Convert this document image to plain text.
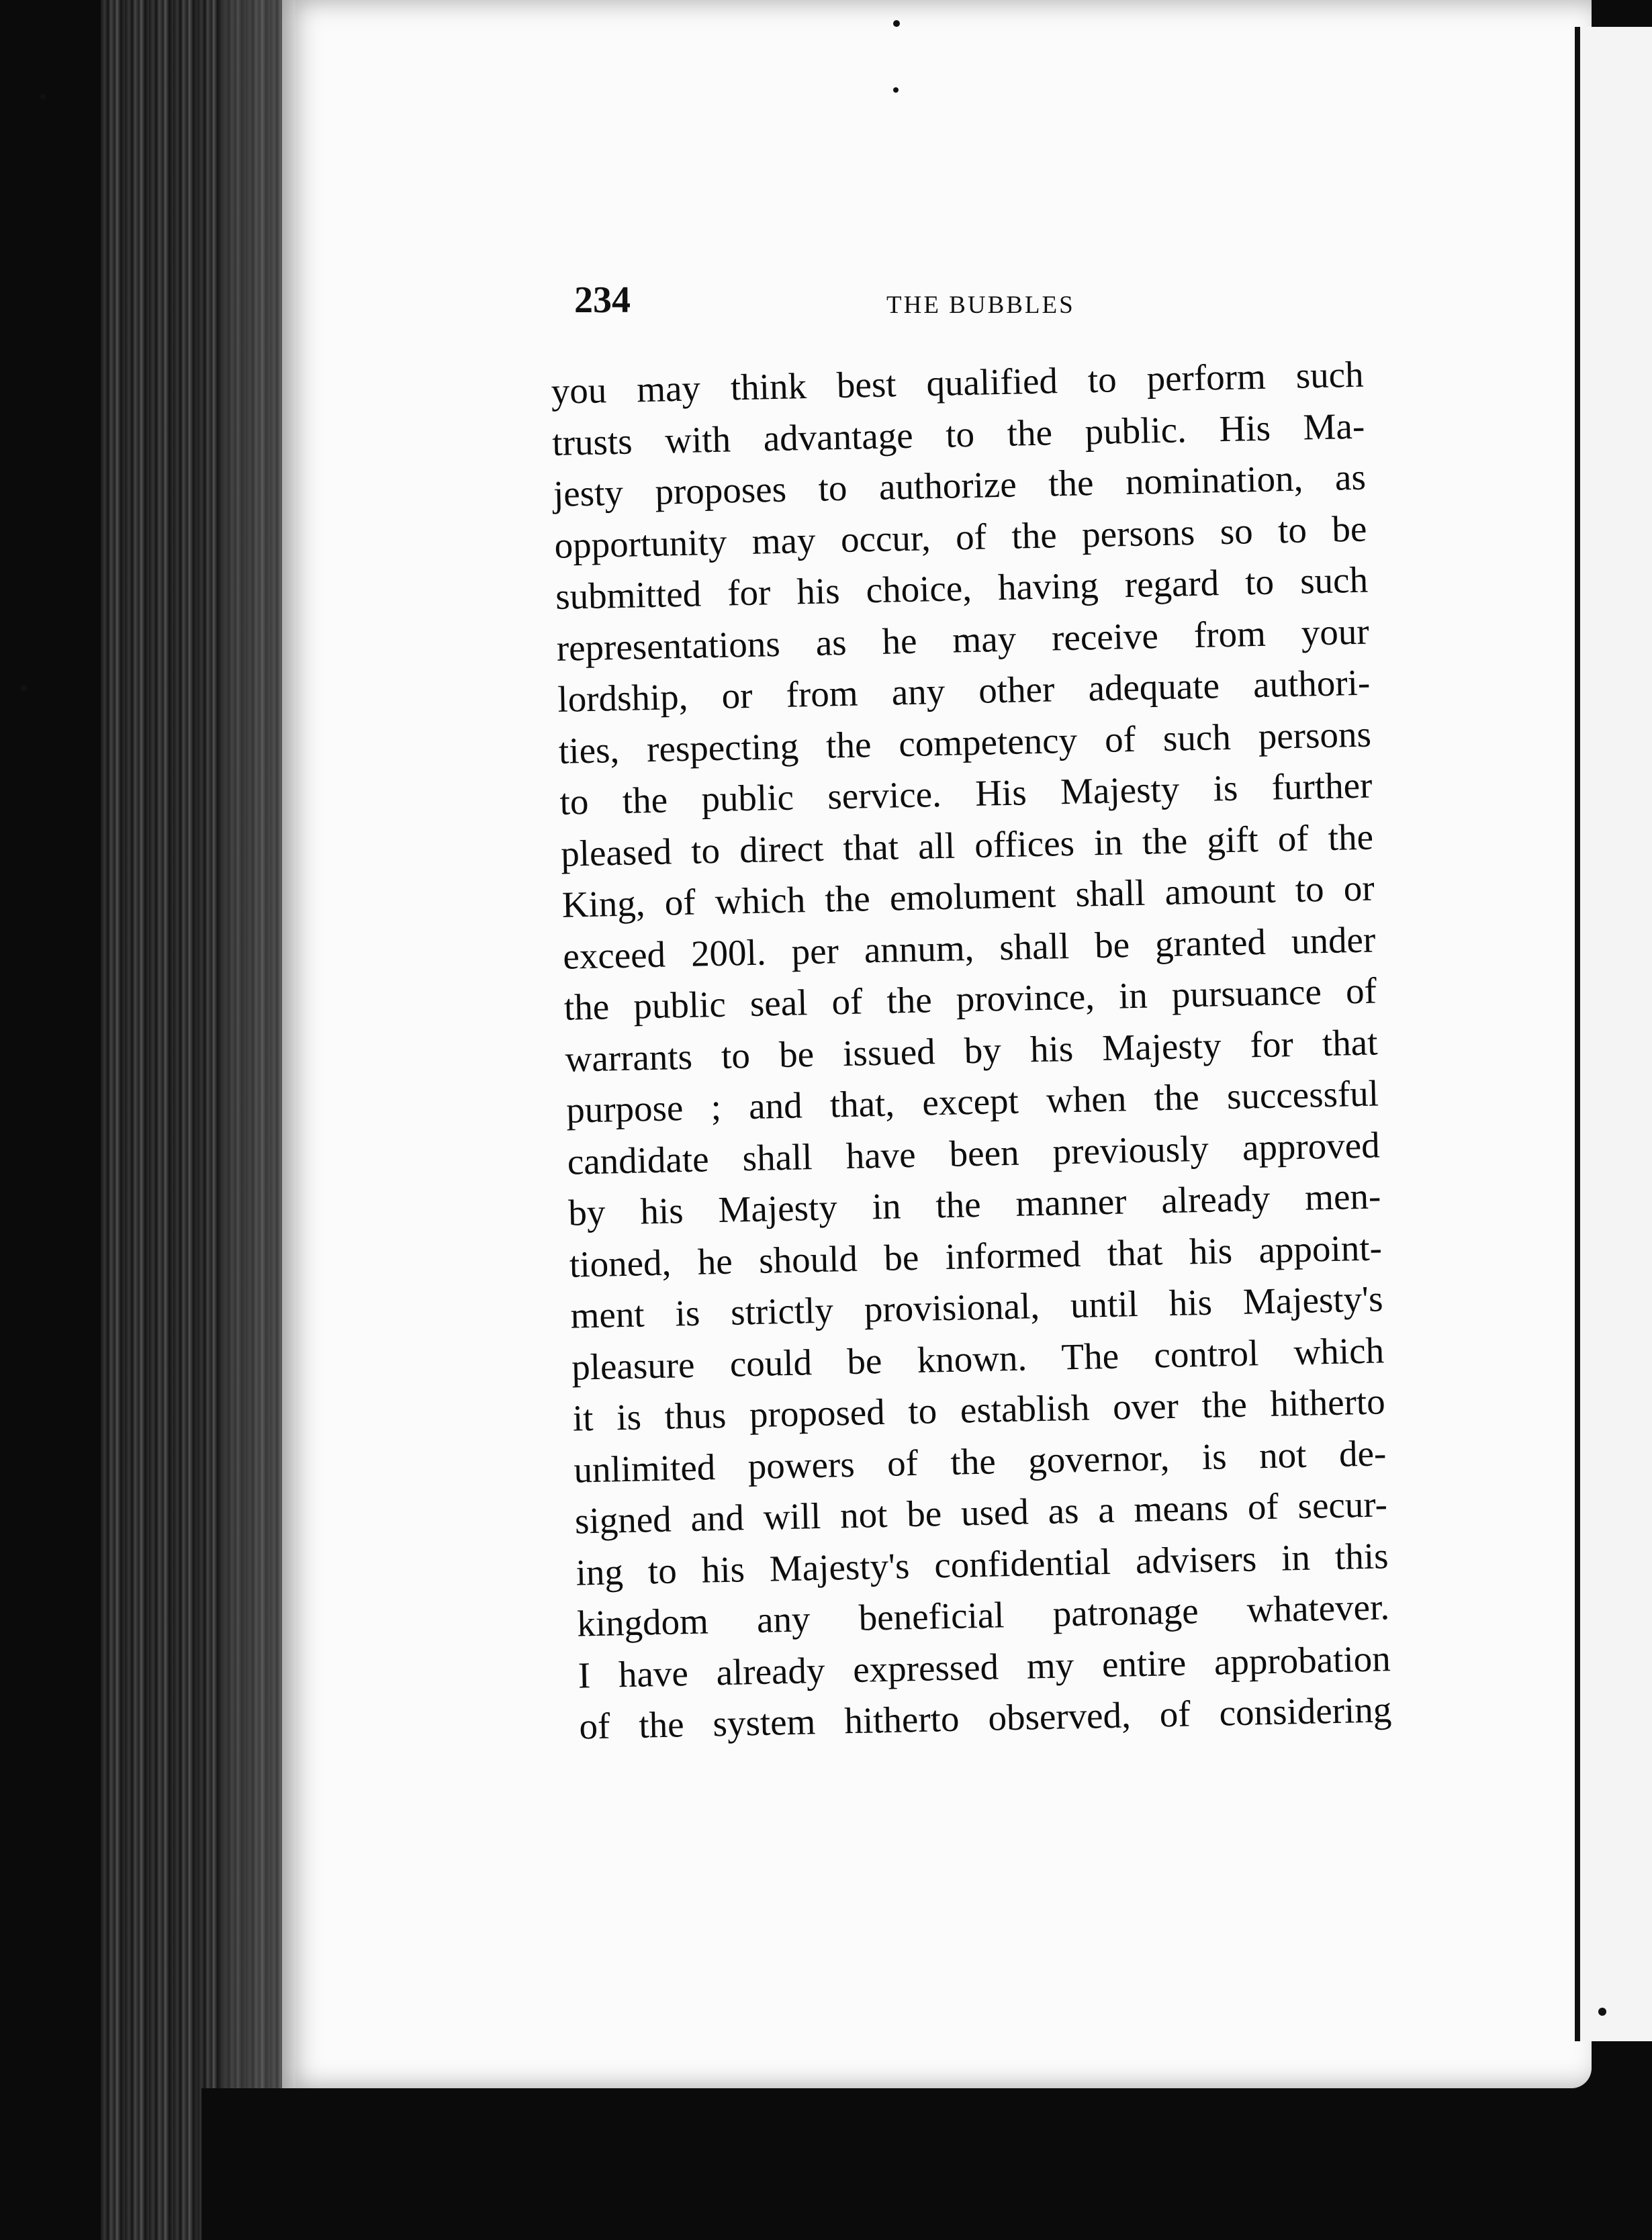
234	THE BUBBLES
you may think best qualified to perform such
trusts with advantage to the public. His Ma-
jesty proposes to authorize the nomination, as
opportunity may occur, of the persons so to be
submitted for his choice, having regard to such
representations as he may receive from your
lordship, or from any other adequate authori-
ties, respecting the competency of such persons
to the public service. His Majesty is further
pleased to direct that all offices in the gift of the
King, of which the emolument shall amount to or
exceed 200l. per annum, shall be granted under
the public seal of the province, in pursuance of
warrants to be issued by his Majesty for that
purpose ; and that, except when the successful
candidate shall have been previously approved
by his Majesty in the manner already men-
tioned, he should be informed that his appoint-
ment is strictly provisional, until his Majesty's
pleasure could be known. The control which
it is thus proposed to establish over the hitherto
unlimited powers of the governor, is not de-
signed and will not be used as a means of secur-
ing to his Majesty's confidential advisers in this
kingdom any beneficial patronage whatever.
I have already expressed my entire approbation
of the system hitherto observed, of considering
